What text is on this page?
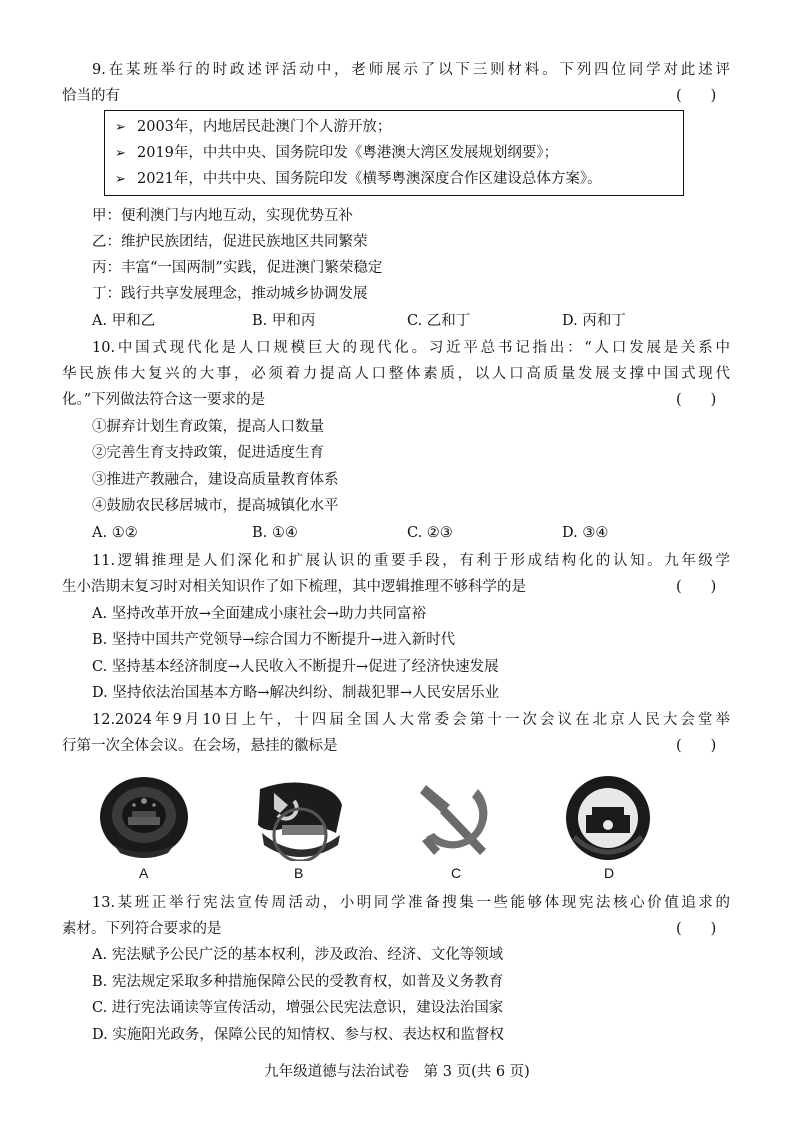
9.在某班举行的时政述评活动中，老师展示了以下三则材料。下列四位同学对此述评
恰当的有	(　　)
➢ 2003年，内地居民赴澳门个人游开放；
➢ 2019年，中共中央、国务院印发《粤港澳大湾区发展规划纲要》；
➢ 2021年，中共中央、国务院印发《横琴粤澳深度合作区建设总体方案》。
甲：便利澳门与内地互动，实现优势互补
乙：维护民族团结，促进民族地区共同繁荣
丙：丰富“一国两制”实践，促进澳门繁荣稳定
丁：践行共享发展理念，推动城乡协调发展
A. 甲和乙	B. 甲和丙	C. 乙和丁	D. 丙和丁
10.中国式现代化是人口规模巨大的现代化。习近平总书记指出：“人口发展是关系中
华民族伟大复兴的大事，必须着力提高人口整体素质，以人口高质量发展支撑中国式现代
化。”下列做法符合这一要求的是	(　　)
①摒弃计划生育政策，提高人口数量
②完善生育支持政策，促进适度生育
③推进产教融合，建设高质量教育体系
④鼓励农民移居城市，提高城镇化水平
A. ①②	B. ①④	C. ②③	D. ③④
11.逻辑推理是人们深化和扩展认识的重要手段，有利于形成结构化的认知。九年级学
生小浩期末复习时对相关知识作了如下梳理，其中逻辑推理不够科学的是	(　　)
A. 坚持改革开放→全面建成小康社会→助力共同富裕
B. 坚持中国共产党领导→综合国力不断提升→进入新时代
C. 坚持基本经济制度→人民收入不断提升→促进了经济快速发展
D. 坚持依法治国基本方略→解决纠纷、制裁犯罪→人民安居乐业
12.2024年9月10日上午，十四届全国人大常委会第十一次会议在北京人民大会堂举
行第一次全体会议。在会场，悬挂的徽标是	(　　)
A	B	C	D
13.某班正举行宪法宣传周活动，小明同学准备搜集一些能够体现宪法核心价值追求的
素材。下列符合要求的是	(　　)
A. 宪法赋予公民广泛的基本权利，涉及政治、经济、文化等领域
B. 宪法规定采取多种措施保障公民的受教育权，如普及义务教育
C. 进行宪法诵读等宣传活动，增强公民宪法意识，建设法治国家
D. 实施阳光政务，保障公民的知情权、参与权、表达权和监督权
九年级道德与法治试卷　第 3 页(共 6 页)
